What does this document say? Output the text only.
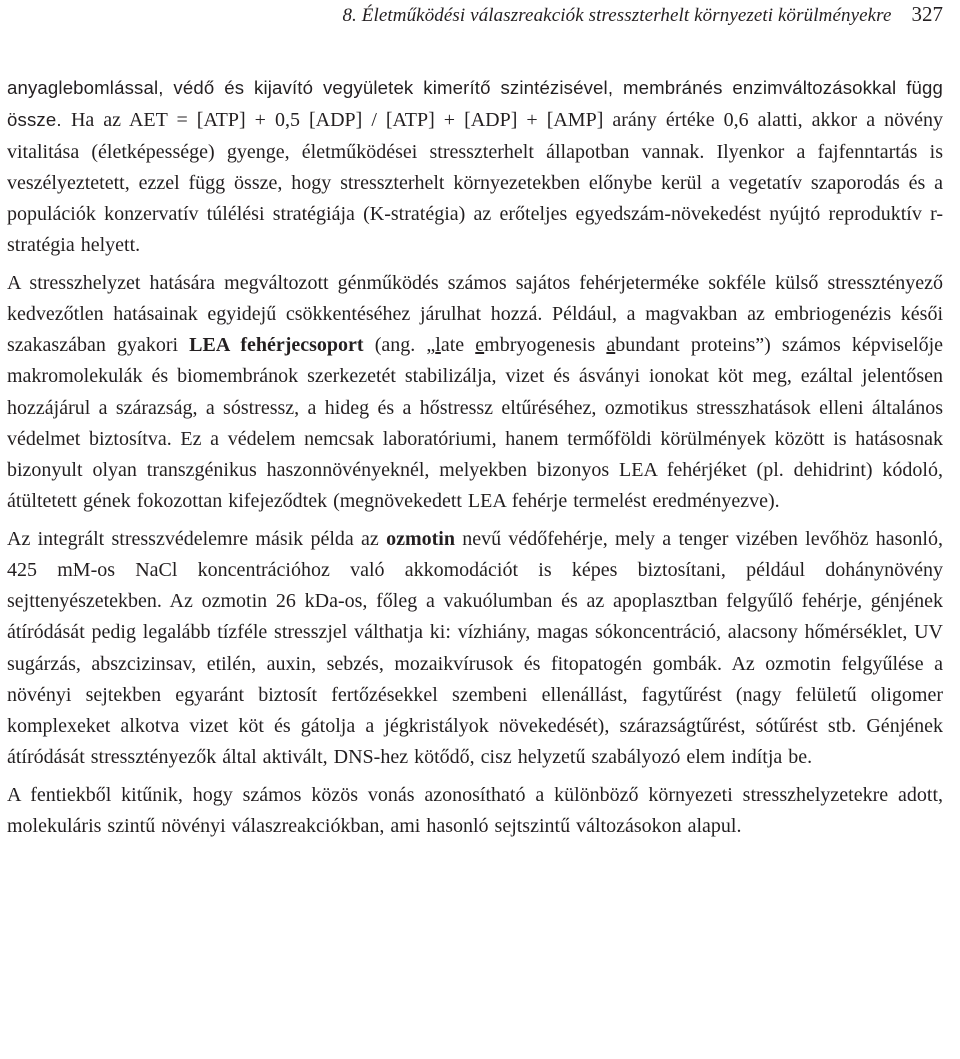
8. Életműködési válaszreakciók stresszterhelt környezeti körülményekre 327

anyaglebomlással, védő és kijavító vegyületek kimerítő szintézisével, membránés enzimváltozásokkal függ össze. Ha az AET = [ATP] + 0,5 [ADP] / [ATP] + [ADP] + [AMP] arány értéke 0,6 alatti, akkor a növény vitalitása (életképessége) gyenge, életműködései stresszterhelt állapotban vannak. Ilyenkor a fajfenntartás is veszélyeztetett, ezzel függ össze, hogy stresszterhelt környezetekben előnybe kerül a vegetatív szaporodás és a populációk konzervatív túlélési stratégiája (K-stratégia) az erőteljes egyedszám-növekedést nyújtó reproduktív r-stratégia helyett.

A stresszhelyzet hatására megváltozott génműködés számos sajátos fehérjeterméke sokféle külső stressztényező kedvezőtlen hatásainak egyidejű csökkentéséhez járulhat hozzá. Például, a magvakban az embriogenézis késői szakaszában gyakori LEA fehérjecsoport (ang. „late embryogenesis abundant proteins”) számos képviselője makromolekulák és biomembránok szerkezetét stabilizálja, vizet és ásványi ionokat köt meg, ezáltal jelentősen hozzájárul a szárazság, a sóstressz, a hideg és a hőstressz eltűréséhez, ozmotikus stresszhatások elleni általános védelmet biztosítva. Ez a védelem nemcsak laboratóriumi, hanem termőföldi körülmények között is hatásosnak bizonyult olyan transzgénikus haszonnövényeknél, melyekben bizonyos LEA fehérjéket (pl. dehidrint) kódoló, átültetett gének fokozottan kifejeződtek (megnövekedett LEA fehérje termelést eredményezve).

Az integrált stresszvédelemre másik példa az ozmotin nevű védőfehérje, mely a tenger vizében levőhöz hasonló, 425 mM-os NaCl koncentrációhoz való akkomodációt is képes biztosítani, például dohánynövény sejttenyészetekben. Az ozmotin 26 kDa-os, főleg a vakuólumban és az apoplasztban felgyűlő fehérje, génjének átíródását pedig legalább tízféle stresszjel válthatja ki: vízhiány, magas sókoncentráció, alacsony hőmérséklet, UV sugárzás, abszcizinsav, etilén, auxin, sebzés, mozaikvírusok és fitopatogén gombák. Az ozmotin felgyűlése a növényi sejtekben egyaránt biztosít fertőzésekkel szembeni ellenállást, fagytűrést (nagy felületű oligomer komplexeket alkotva vizet köt és gátolja a jégkristályok növekedését), szárazságtűrést, sótűrést stb. Génjének átíródását stressztényezők által aktivált, DNS-hez kötődő, cisz helyzetű szabályozó elem indítja be.

A fentiekből kitűnik, hogy számos közös vonás azonosítható a különböző környezeti stresszhelyzetekre adott, molekuláris szintű növényi válaszreakciókban, ami hasonló sejtszintű változásokon alapul.
